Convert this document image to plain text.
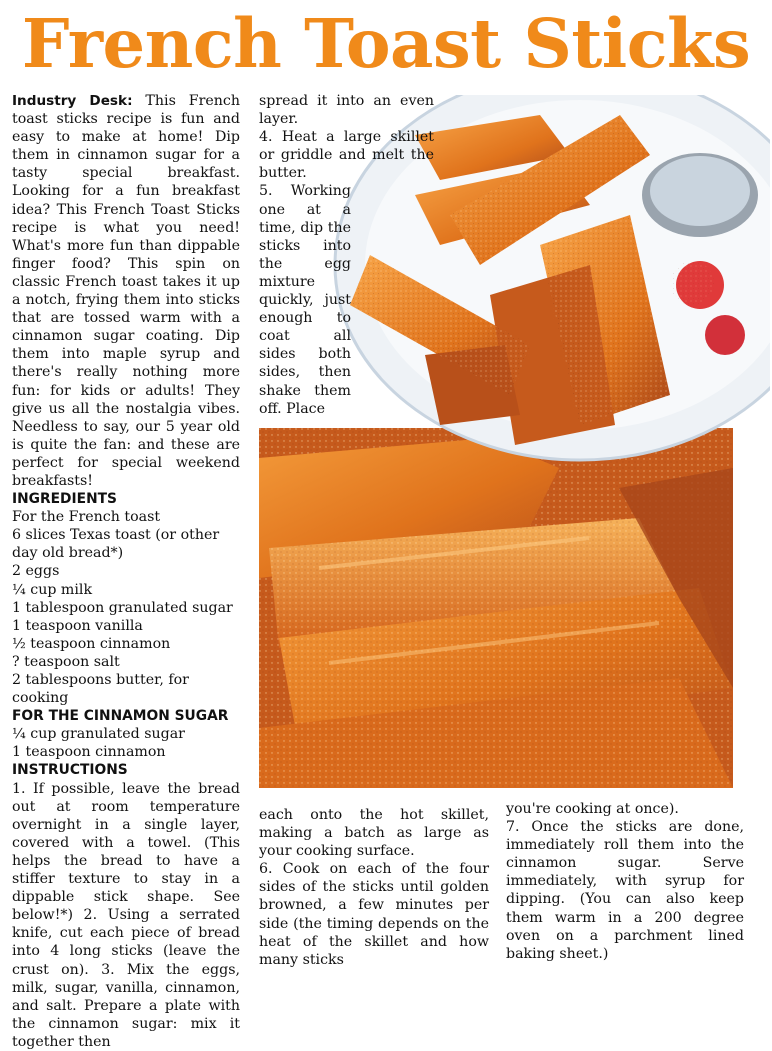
French Toast Sticks

Industry Desk: This French toast sticks recipe is fun and easy to make at home! Dip them in cinnamon sugar for a tasty special breakfast. Looking for a fun breakfast idea? This French Toast Sticks recipe is what you need! What's more fun than dippable finger food? This spin on classic French toast takes it up a notch, frying them into sticks that are tossed warm with a cinnamon sugar coating. Dip them into maple syrup and there's really nothing more fun: for kids or adults! They give us all the nostalgia vibes. Needless to say, our 5 year old is quite the fan: and these are perfect for special weekend breakfasts!

INGREDIENTS

For the French toast

6 slices Texas toast (or other day old bread*)

2 eggs

¼ cup milk

1 tablespoon granulated sugar

1 teaspoon vanilla

½ teaspoon cinnamon

? teaspoon salt

2 tablespoons butter, for cooking

FOR THE CINNAMON SUGAR

¼ cup granulated sugar

1 teaspoon cinnamon

INSTRUCTIONS

1. If possible, leave the bread out at room temperature overnight in a single layer, covered with a towel. (This helps the bread to have a stiffer texture to stay in a dippable stick shape. See below!*) 2. Using a serrated knife, cut each piece of bread into 4 long sticks (leave the crust on). 3. Mix the eggs, milk, sugar, vanilla, cinnamon, and salt. Prepare a plate with the cinnamon sugar: mix it together then

spread it into an even layer.

4. Heat a large skillet or griddle and melt the butter.

5. Working one at a time, dip the sticks into the egg mixture quickly, just enough to coat all sides both sides, then shake them off. Place

each onto the hot skillet, making a batch as large as your cooking surface.

6. Cook on each of the four sides of the sticks until golden browned, a few minutes per side (the timing depends on the heat of the skillet and how many sticks

you're cooking at once).

7. Once the sticks are done, immediately roll them into the cinnamon sugar. Serve immediately, with syrup for dipping. (You can also keep them warm in a 200 degree oven on a parchment lined baking sheet.)
